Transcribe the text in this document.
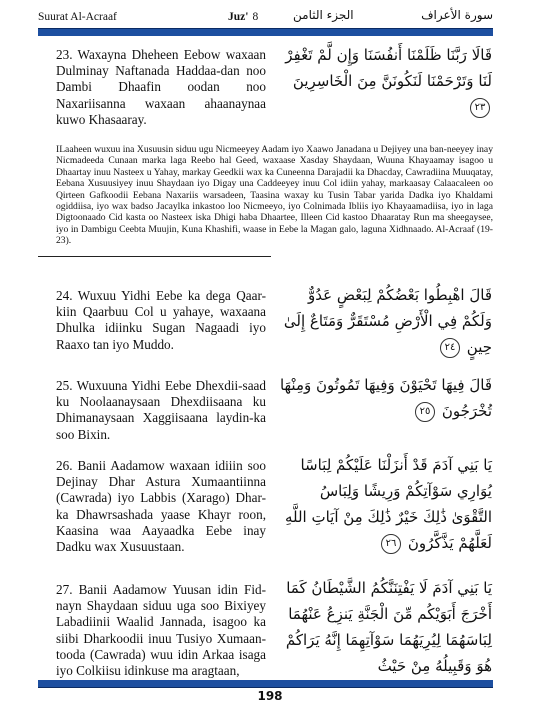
Suurat Al-Acraaf	Juz' 8	الجزء الثامن	سورة الأعراف
23. Waxayna Dheheen Eebow waxaan Dulminay Naftanada Haddaa-dan noo Dambi Dhaafin oodan noo Naxariisanna waxaan ahaanaynaa kuwo Khasaaray.
قَالَا رَبَّنَا ظَلَمْنَا أَنفُسَنَا وَإِن لَّمْ تَغْفِرْ لَنَا وَتَرْحَمْنَا لَنَكُونَنَّ مِنَ الْخَاسِرِينَ ٢٣
ILaaheen wuxuu ina Xusuusin siduu ugu Nicmeeyey Aadam iyo Xaawo Janadana u Dejiyey una ban-neeyey inay Nicmadeeda Cunaan marka laga Reebo hal Geed, waxaase Xasday Shaydaan, Wuuna Khayaamay isagoo u Dhaartay inuu Nasteex u Yahay, markay Geedkii wax ka Cuneenna Darajadii ka Dhacday, Cawradiina Muuqatay, Eebana Xusuusiyey inuu Shaydaan iyo Digay una Caddeeyey inuu Col idiin yahay, markaasay Calaacaleen oo Qirteen Gafkoodii Eebana Naxariis warsadeen, Taasina waxay ku Tusin Tabar yarida Dadka iyo Khaldami ogiddiisa, iyo wax badso Jacaylka inkastoo loo Nicmeeyo, iyo Colnimada Ibliis iyo Khayaamadiisa, iyo in laga Digtoonaado Cid kasta oo Nasteex iska Dhigi haba Dhaartee, Illeen Cid kastoo Dhaaratay Run ma sheegaysee, iyo in Dambigu Ceebta Muujin, Kuna Khashifi, waase in Eebe la Magan galo, laguna Xidhnaado. Al-Acraaf (19-23).
24. Wuxuu Yidhi Eebe ka dega Qaar-kiin Qaarbuu Col u yahaye, waxaana Dhulka idiinku Sugan Nagaadi iyo Raaxo tan iyo Muddo.
قَالَ اهْبِطُوا بَعْضُكُمْ لِبَعْضٍ عَدُوٌّ وَلَكُمْ فِي الْأَرْضِ مُسْتَقَرٌّ وَمَتَاعٌ إِلَىٰ حِينٍ ٢٤
25. Wuxuuna Yidhi Eebe Dhexdii-saad ku Noolaanaysaan Dhexdiisaana ku Dhimanaysaan Xaggiisaana laydin-ka soo Bixin.
قَالَ فِيهَا تَحْيَوْنَ وَفِيهَا تَمُوتُونَ وَمِنْهَا تُخْرَجُونَ ٢٥
26. Banii Aadamow waxaan idiiin soo Dejinay Dhar Astura Xumaantiinna (Cawrada) iyo Labbis (Xarago) Dhar-ka Dhawrsashada yaase Khayr roon, Kaasina waa Aayaadka Eebe inay Dadku wax Xusuustaan.
يَا بَنِي آدَمَ قَدْ أَنزَلْنَا عَلَيْكُمْ لِبَاسًا يُوَارِي سَوْآتِكُمْ وَرِيشًا وَلِبَاسُ التَّقْوَىٰ ذَٰلِكَ خَيْرٌ ذَٰلِكَ مِنْ آيَاتِ اللَّهِ لَعَلَّهُمْ يَذَّكَّرُونَ ٢٦
27. Banii Aadamow Yuusan idin Fid-nayn Shaydaan siduu uga soo Bixiyey Labadiinii Waalid Jannada, isagoo ka siibi Dharkoodii inuu Tusiyo Xumaan-tooda (Cawrada) wuu idin Arkaa isaga iyo Colkiisu idinkuse ma aragtaan,
يَا بَنِي آدَمَ لَا يَفْتِنَنَّكُمُ الشَّيْطَانُ كَمَا أَخْرَجَ أَبَوَيْكُم مِّنَ الْجَنَّةِ يَنزِعُ عَنْهُمَا لِبَاسَهُمَا لِيُرِيَهُمَا سَوْآتِهِمَا إِنَّهُ يَرَاكُمْ هُوَ وَقَبِيلُهُ مِنْ حَيْثُ
198
